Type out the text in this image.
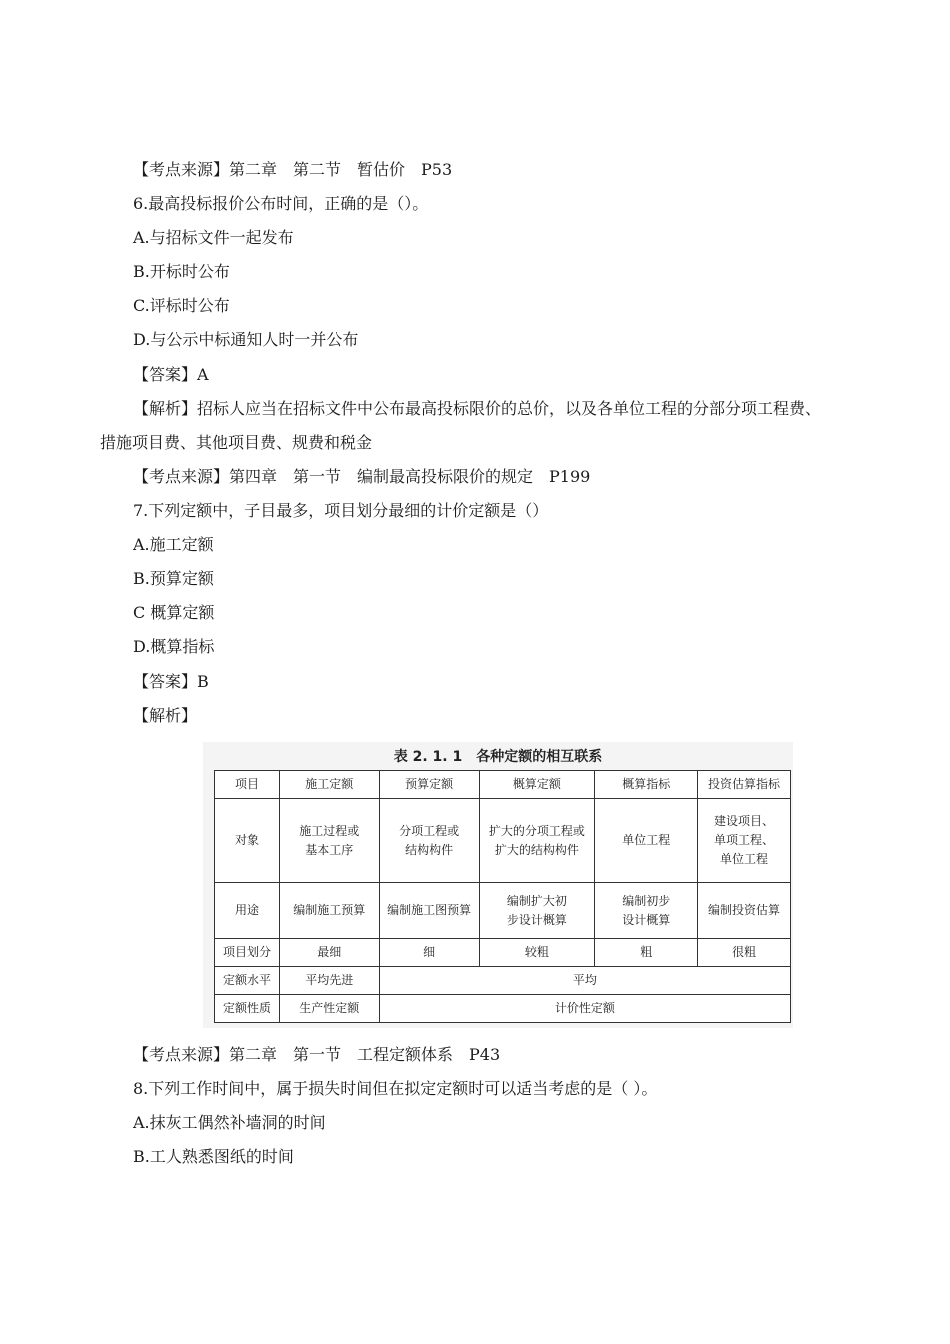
【考点来源】第二章　第二节　暂估价　P53
6.最高投标报价公布时间，正确的是（）。
A.与招标文件一起发布
B.开标时公布
C.评标时公布
D.与公示中标通知人时一并公布
【答案】A
【解析】招标人应当在招标文件中公布最高投标限价的总价，以及各单位工程的分部分项工程费、
措施项目费、其他项目费、规费和税金
【考点来源】第四章　第一节　编制最高投标限价的规定　P199
7.下列定额中，子目最多，项目划分最细的计价定额是（）
A.施工定额
B.预算定额
C 概算定额
D.概算指标
【答案】B
【解析】
表 2. 1. 1　各种定额的相互联系
项目	施工定额	预算定额	概算定额	概算指标	投资估算指标
对象	施工过程或
基本工序	分项工程或
结构构件	扩大的分项工程或
扩大的结构构件	单位工程	建设项目、
单项工程、
单位工程
用途	编制施工预算	编制施工图预算	编制扩大初
步设计概算	编制初步
设计概算	编制投资估算
项目划分	最细	细	较粗	粗	很粗
定额水平	平均先进	平均			
定额性质	生产性定额	计价性定额			
【考点来源】第二章　第一节　工程定额体系　P43
8.下列工作时间中，属于损失时间但在拟定定额时可以适当考虑的是（ ）。
A.抹灰工偶然补墙洞的时间
B.工人熟悉图纸的时间
